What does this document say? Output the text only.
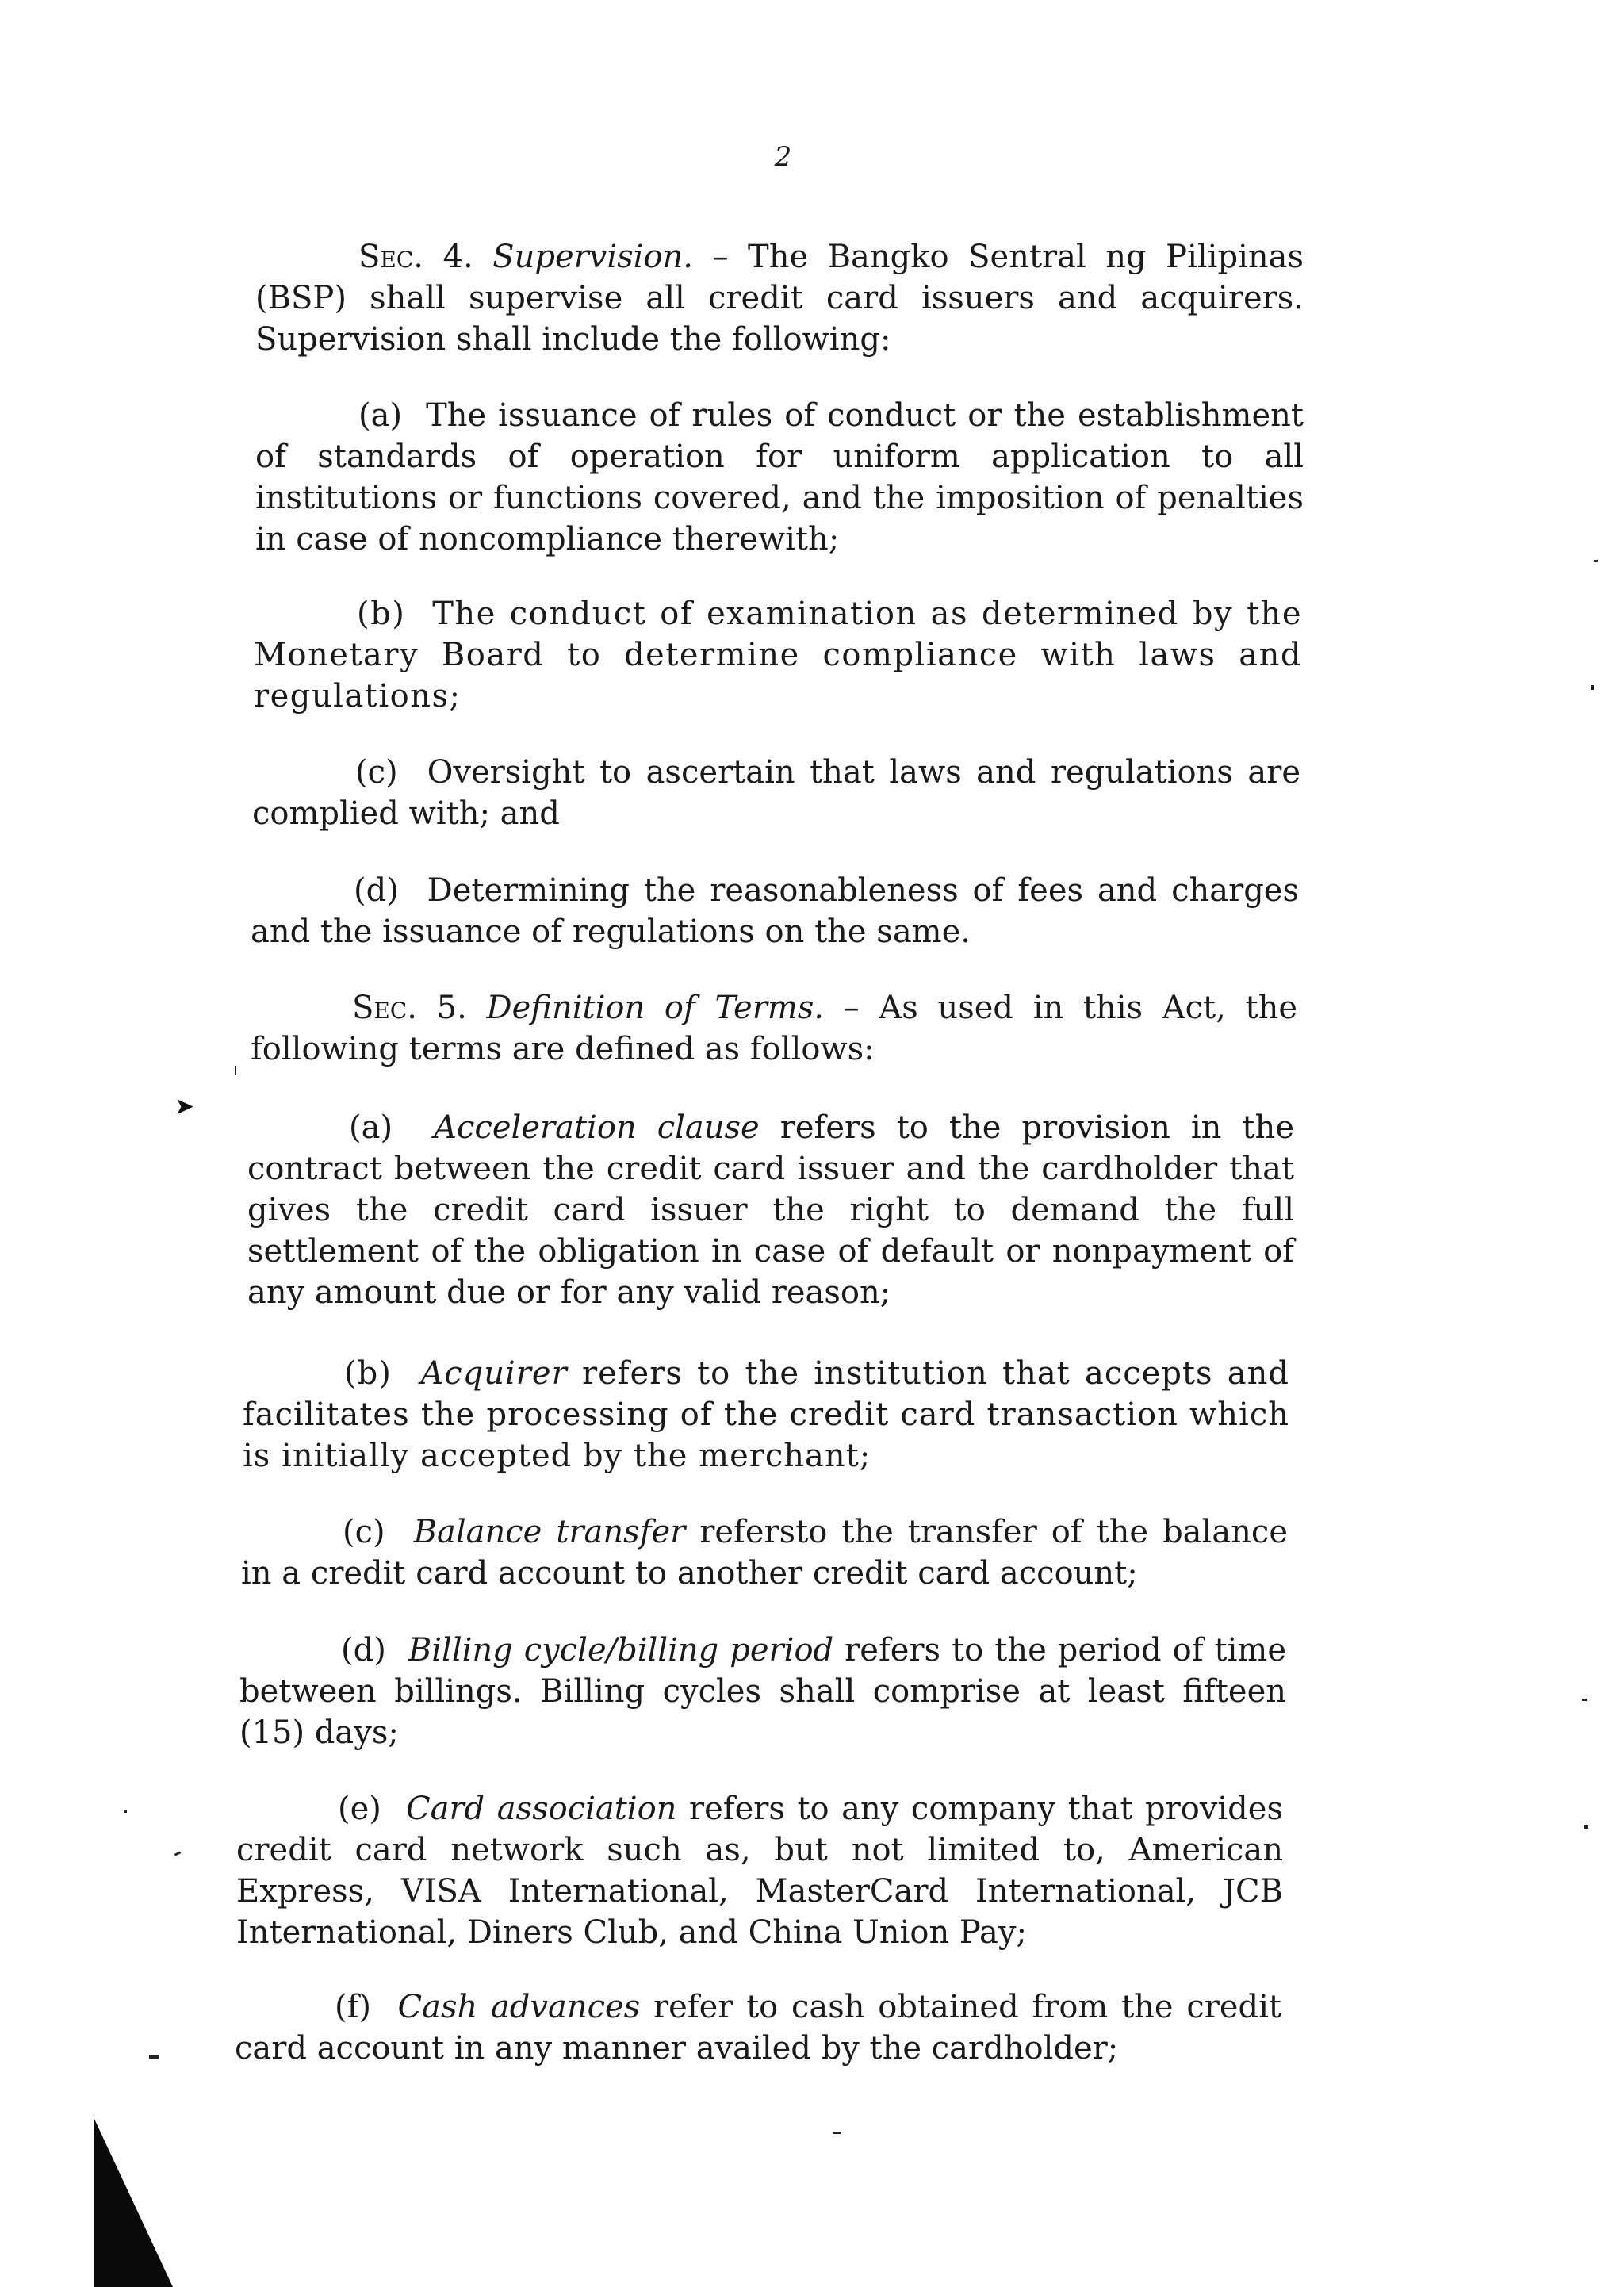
2

Sec. 4. Supervision. – The Bangko Sentral ng Pilipinas (BSP) shall supervise all credit card issuers and acquirers. Supervision shall include the following:

(a) The issuance of rules of conduct or the establishment of standards of operation for uniform application to all institutions or functions covered, and the imposition of penalties in case of noncompliance therewith;

(b) The conduct of examination as determined by the Monetary Board to determine compliance with laws and regulations;

(c) Oversight to ascertain that laws and regulations are complied with; and

(d) Determining the reasonableness of fees and charges and the issuance of regulations on the same.

Sec. 5. Definition of Terms. – As used in this Act, the following terms are defined as follows:

(a) Acceleration clause refers to the provision in the contract between the credit card issuer and the cardholder that gives the credit card issuer the right to demand the full settlement of the obligation in case of default or nonpayment of any amount due or for any valid reason;

(b) Acquirer refers to the institution that accepts and facilitates the processing of the credit card transaction which is initially accepted by the merchant;

(c) Balance transfer refersto the transfer of the balance in a credit card account to another credit card account;

(d) Billing cycle/billing period refers to the period of time between billings. Billing cycles shall comprise at least fifteen (15) days;

(e) Card association refers to any company that provides credit card network such as, but not limited to, American Express, VISA International, MasterCard International, JCB International, Diners Club, and China Union Pay;

(f) Cash advances refer to cash obtained from the credit card account in any manner availed by the cardholder;

➤
